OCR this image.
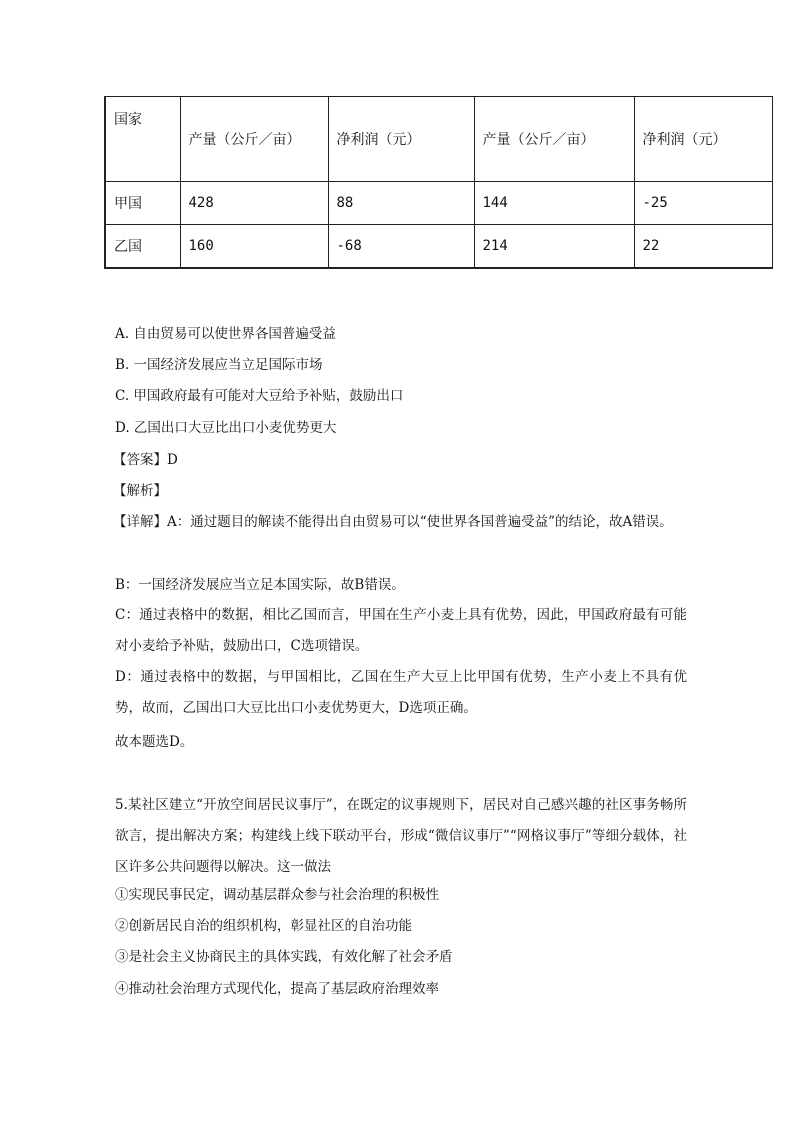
国家	产量（公斤／亩）	净利润（元）	产量（公斤／亩）	净利润（元）
甲国	428	88	144	-25
乙国	160	-68	214	22
A. 自由贸易可以使世界各国普遍受益
B. 一国经济发展应当立足国际市场
C. 甲国政府最有可能对大豆给予补贴，鼓励出口
D. 乙国出口大豆比出口小麦优势更大
【答案】D
【解析】
【详解】A：通过题目的解读不能得出自由贸易可以“使世界各国普遍受益”的结论，故A错误。
B：一国经济发展应当立足本国实际，故B错误。
C：通过表格中的数据，相比乙国而言，甲国在生产小麦上具有优势，因此，甲国政府最有可能对小麦给予补贴，鼓励出口，C选项错误。
D：通过表格中的数据，与甲国相比，乙国在生产大豆上比甲国有优势，生产小麦上不具有优势，故而，乙国出口大豆比出口小麦优势更大，D选项正确。
故本题选D。
5.某社区建立“开放空间居民议事厅”，在既定的议事规则下，居民对自己感兴趣的社区事务畅所欲言，提出解决方案；构建线上线下联动平台，形成“微信议事厅”“网格议事厅”等细分载体，社区许多公共问题得以解决。这一做法
①实现民事民定，调动基层群众参与社会治理的积极性
②创新居民自治的组织机构，彰显社区的自治功能
③是社会主义协商民主的具体实践，有效化解了社会矛盾
④推动社会治理方式现代化，提高了基层政府治理效率
